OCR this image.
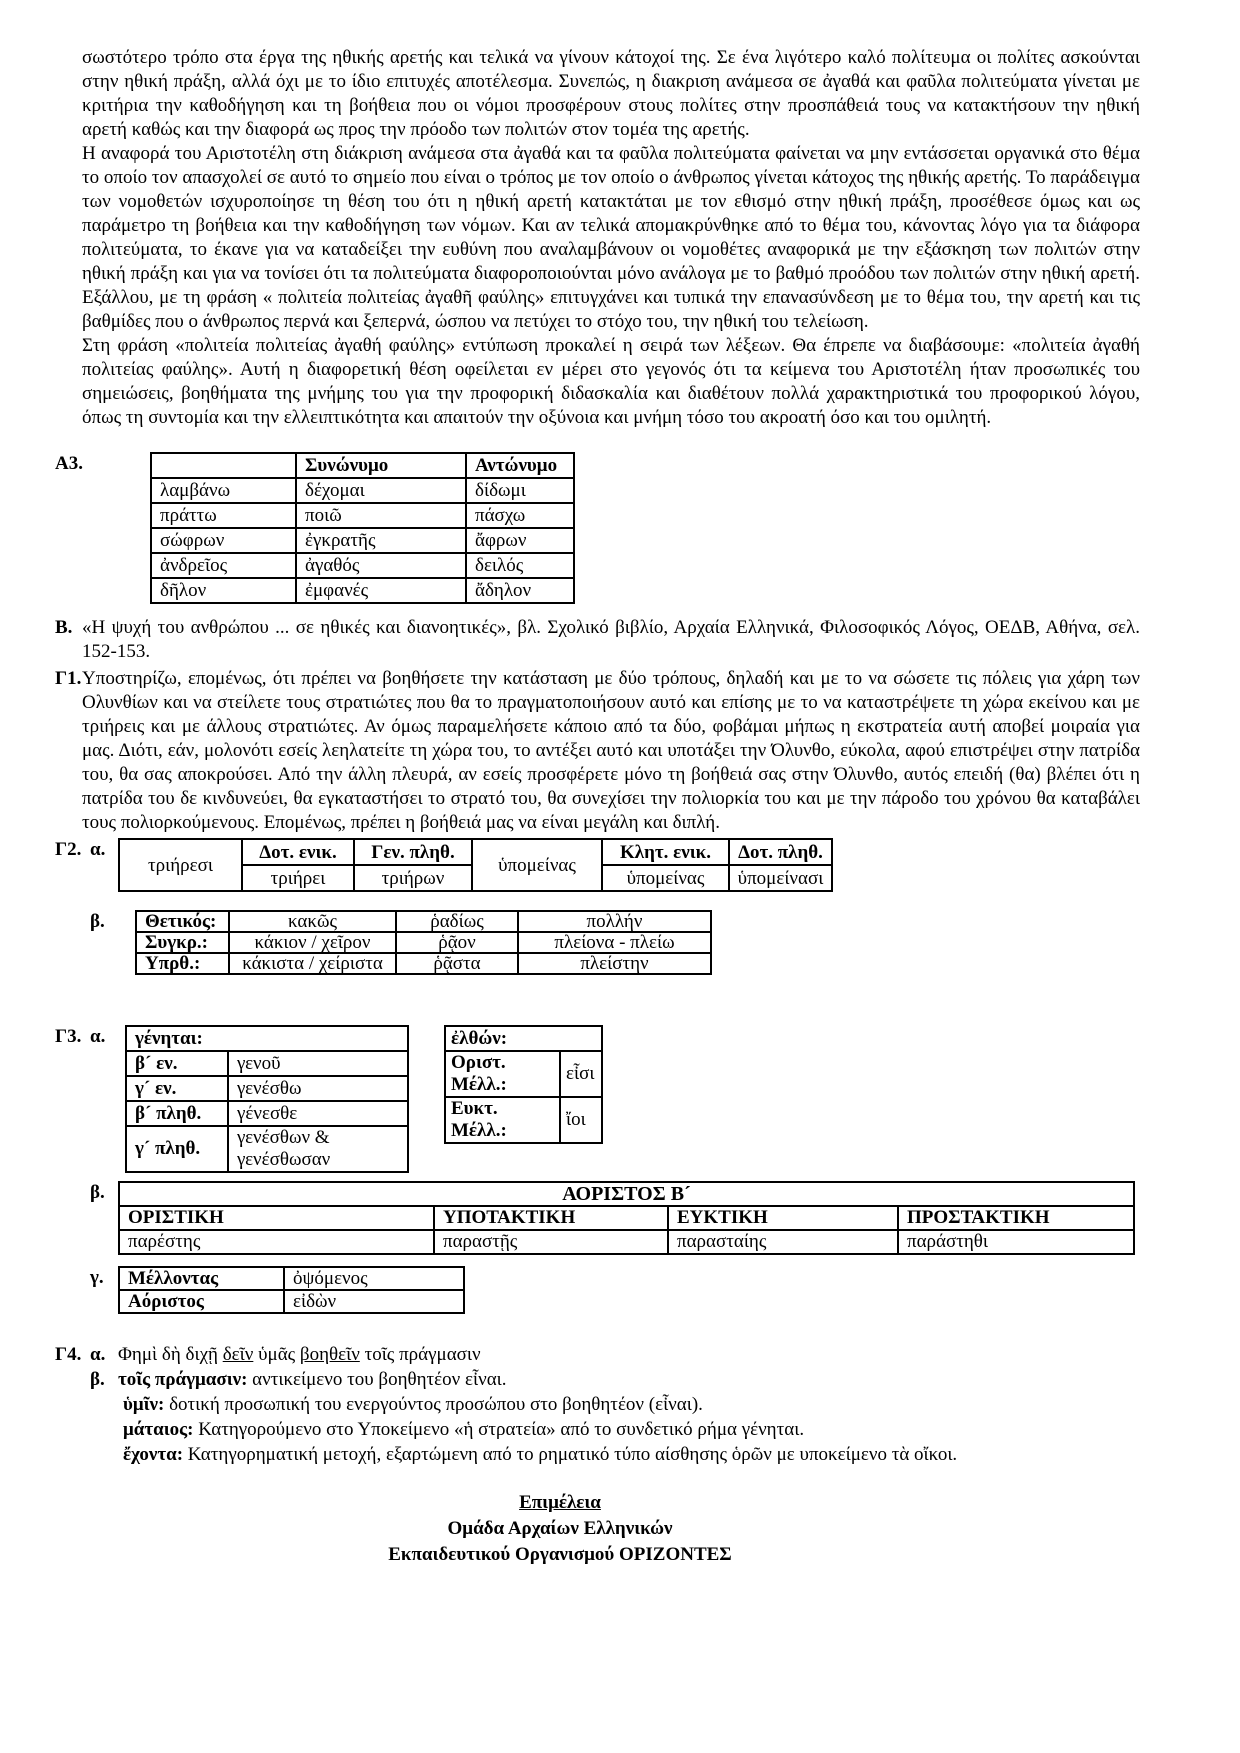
σωστότερο τρόπο στα έργα της ηθικής αρετής και τελικά να γίνουν κάτοχοί της. Σε ένα λιγότερο καλό πολίτευμα οι πολίτες ασκούνται στην ηθική πράξη, αλλά όχι με το ίδιο επιτυχές αποτέλεσμα. Συνεπώς, η διακριση ανάμεσα σε ἀγαθά και φαῦλα πολιτεύματα γίνεται με κριτήρια την καθοδήγηση και τη βοήθεια που οι νόμοι προσφέρουν στους πολίτες στην προσπάθειά τους να κατακτήσουν την ηθική αρετή καθώς και την διαφορά ως προς την πρόοδο των πολιτών στον τομέα της αρετής.

Η αναφορά του Αριστοτέλη στη διάκριση ανάμεσα στα ἀγαθά και τα φαῦλα πολιτεύματα φαίνεται να μην εντάσσεται οργανικά στο θέμα το οποίο τον απασχολεί σε αυτό το σημείο που είναι ο τρόπος με τον οποίο ο άνθρωπος γίνεται κάτοχος της ηθικής αρετής. Το παράδειγμα των νομοθετών ισχυροποίησε τη θέση του ότι η ηθική αρετή κατακτάται με τον εθισμό στην ηθική πράξη, προσέθεσε όμως και ως παράμετρο τη βοήθεια και την καθοδήγηση των νόμων. Και αν τελικά απομακρύνθηκε από το θέμα του, κάνοντας λόγο για τα διάφορα πολιτεύματα, το έκανε για να καταδείξει την ευθύνη που αναλαμβάνουν οι νομοθέτες αναφορικά με την εξάσκηση των πολιτών στην ηθική πράξη και για να τονίσει ότι τα πολιτεύματα διαφοροποιούνται μόνο ανάλογα με το βαθμό προόδου των πολιτών στην ηθική αρετή. Εξάλλου, με τη φράση « πολιτεία πολιτείας ἀγαθῆ φαύλης» επιτυγχάνει και τυπικά την επανασύνδεση με το θέμα του, την αρετή και τις βαθμίδες που ο άνθρωπος περνά και ξεπερνά, ώσπου να πετύχει το στόχο του, την ηθική του τελείωση.

Στη φράση «πολιτεία πολιτείας ἀγαθή φαύλης» εντύπωση προκαλεί η σειρά των λέξεων. Θα έπρεπε να διαβάσουμε: «πολιτεία ἀγαθή πολιτείας φαύλης». Αυτή η διαφορετική θέση οφείλεται εν μέρει στο γεγονός ότι τα κείμενα του Αριστοτέλη ήταν προσωπικές του σημειώσεις, βοηθήματα της μνήμης του για την προφορική διδασκαλία και διαθέτουν πολλά χαρακτηριστικά του προφορικού λόγου, όπως τη συντομία και την ελλειπτικότητα και απαιτούν την οξύνοια και μνήμη τόσο του ακροατή όσο και του ομιλητή.

Α3.
		Συνώνυμο	Αντώνυμο
λαμβάνω	δέχομαι	δίδωμι
πράττω	ποιῶ	πάσχω
σώφρων	ἐγκρατῆς	ἄφρων
ἀνδρεῖος	ἀγαθός	δειλός
δῆλον	ἐμφανές	ἄδηλον
Β. «Η ψυχή του ανθρώπου ... σε ηθικές και διανοητικές», βλ. Σχολικό βιβλίο, Αρχαία Ελληνικά, Φιλοσοφικός Λόγος, ΟΕΔΒ, Αθήνα, σελ. 152-153.
Γ1. Υποστηρίζω, επομένως, ότι πρέπει να βοηθήσετε την κατάσταση με δύο τρόπους, δηλαδή και με το να σώσετε τις πόλεις για χάρη των Ολυνθίων και να στείλετε τους στρατιώτες που θα το πραγματοποιήσουν αυτό και επίσης με το να καταστρέψετε τη χώρα εκείνου και με τριήρεις και με άλλους στρατιώτες. Αν όμως παραμελήσετε κάποιο από τα δύο, φοβάμαι μήπως η εκστρατεία αυτή αποβεί μοιραία για μας. Διότι, εάν, μολονότι εσείς λεηλατείτε τη χώρα του, το αντέξει αυτό και υποτάξει την Όλυνθο, εύκολα, αφού επιστρέψει στην πατρίδα του, θα σας αποκρούσει. Από την άλλη πλευρά, αν εσείς προσφέρετε μόνο τη βοήθειά σας στην Όλυνθο, αυτός επειδή (θα) βλέπει ότι η πατρίδα του δε κινδυνεύει, θα εγκαταστήσει το στρατό του, θα συνεχίσει την πολιορκία του και με την πάροδο του χρόνου θα καταβάλει τους πολιορκούμενους. Επομένως, πρέπει η βοήθειά μας να είναι μεγάλη και διπλή.
Γ2. α.
τριήρεσι	Δοτ. ενικ.	Γεν. πληθ.	ὑπομείνας	Κλητ. ενικ.	Δοτ. πληθ.
	τριήρει	τριήρων		ὑπομείνας	ὑπομείνασι
β.	Θετικός:	κακῶς	ῥαδίως	πολλήν
Συγκρ.:	κάκιον / χεῖρον	ῥᾷον	πλείονα - πλείω
Υπρθ.:	κάκιστα / χείριστα	ῥᾷστα	πλείστην
Γ3. α.	γένηται:	
β´ εν.	γενοῦ
γ´ εν.	γενέσθω
β´ πληθ.	γένεσθε
γ´ πληθ.	γενέσθων & γενέσθωσαν
ἐλθών:	
Οριστ. Μέλλ.:	εἶσι
Ευκτ. Μέλλ.:	ἴοι
β.	ΑΟΡΙΣΤΟΣ Β´			
ΟΡΙΣΤΙΚΗ	ΥΠΟΤΑΚΤΙΚΗ	ΕΥΚΤΙΚΗ	ΠΡΟΣΤΑΚΤΙΚΗ
παρέστης	παραστῇς	παρασταίης	παράστηθι
γ.	Μέλλοντας	ὀψόμενος
Αόριστος	εἰδὼν
Γ4. α. Φημὶ δὴ διχῇ δεῖν ὑμᾶς βοηθεῖν τοῖς πράγμασιν
β. τοῖς πράγμασιν: αντικείμενο του βοηθητέον εἶναι.
ὑμῖν: δοτική προσωπική του ενεργούντος προσώπου στο βοηθητέον (εἶναι).
μάταιος: Κατηγορούμενο στο Υποκείμενο «ἡ στρατεία» από το συνδετικό ρήμα γένηται.
ἔχοντα: Κατηγορηματική μετοχή, εξαρτώμενη από το ρηματικό τύπο αίσθησης ὁρῶν με υποκείμενο τὰ οἴκοι.
Επιμέλεια
Ομάδα Αρχαίων Ελληνικών
Εκπαιδευτικού Οργανισμού ΟΡΙΖΟΝΤΕΣ
